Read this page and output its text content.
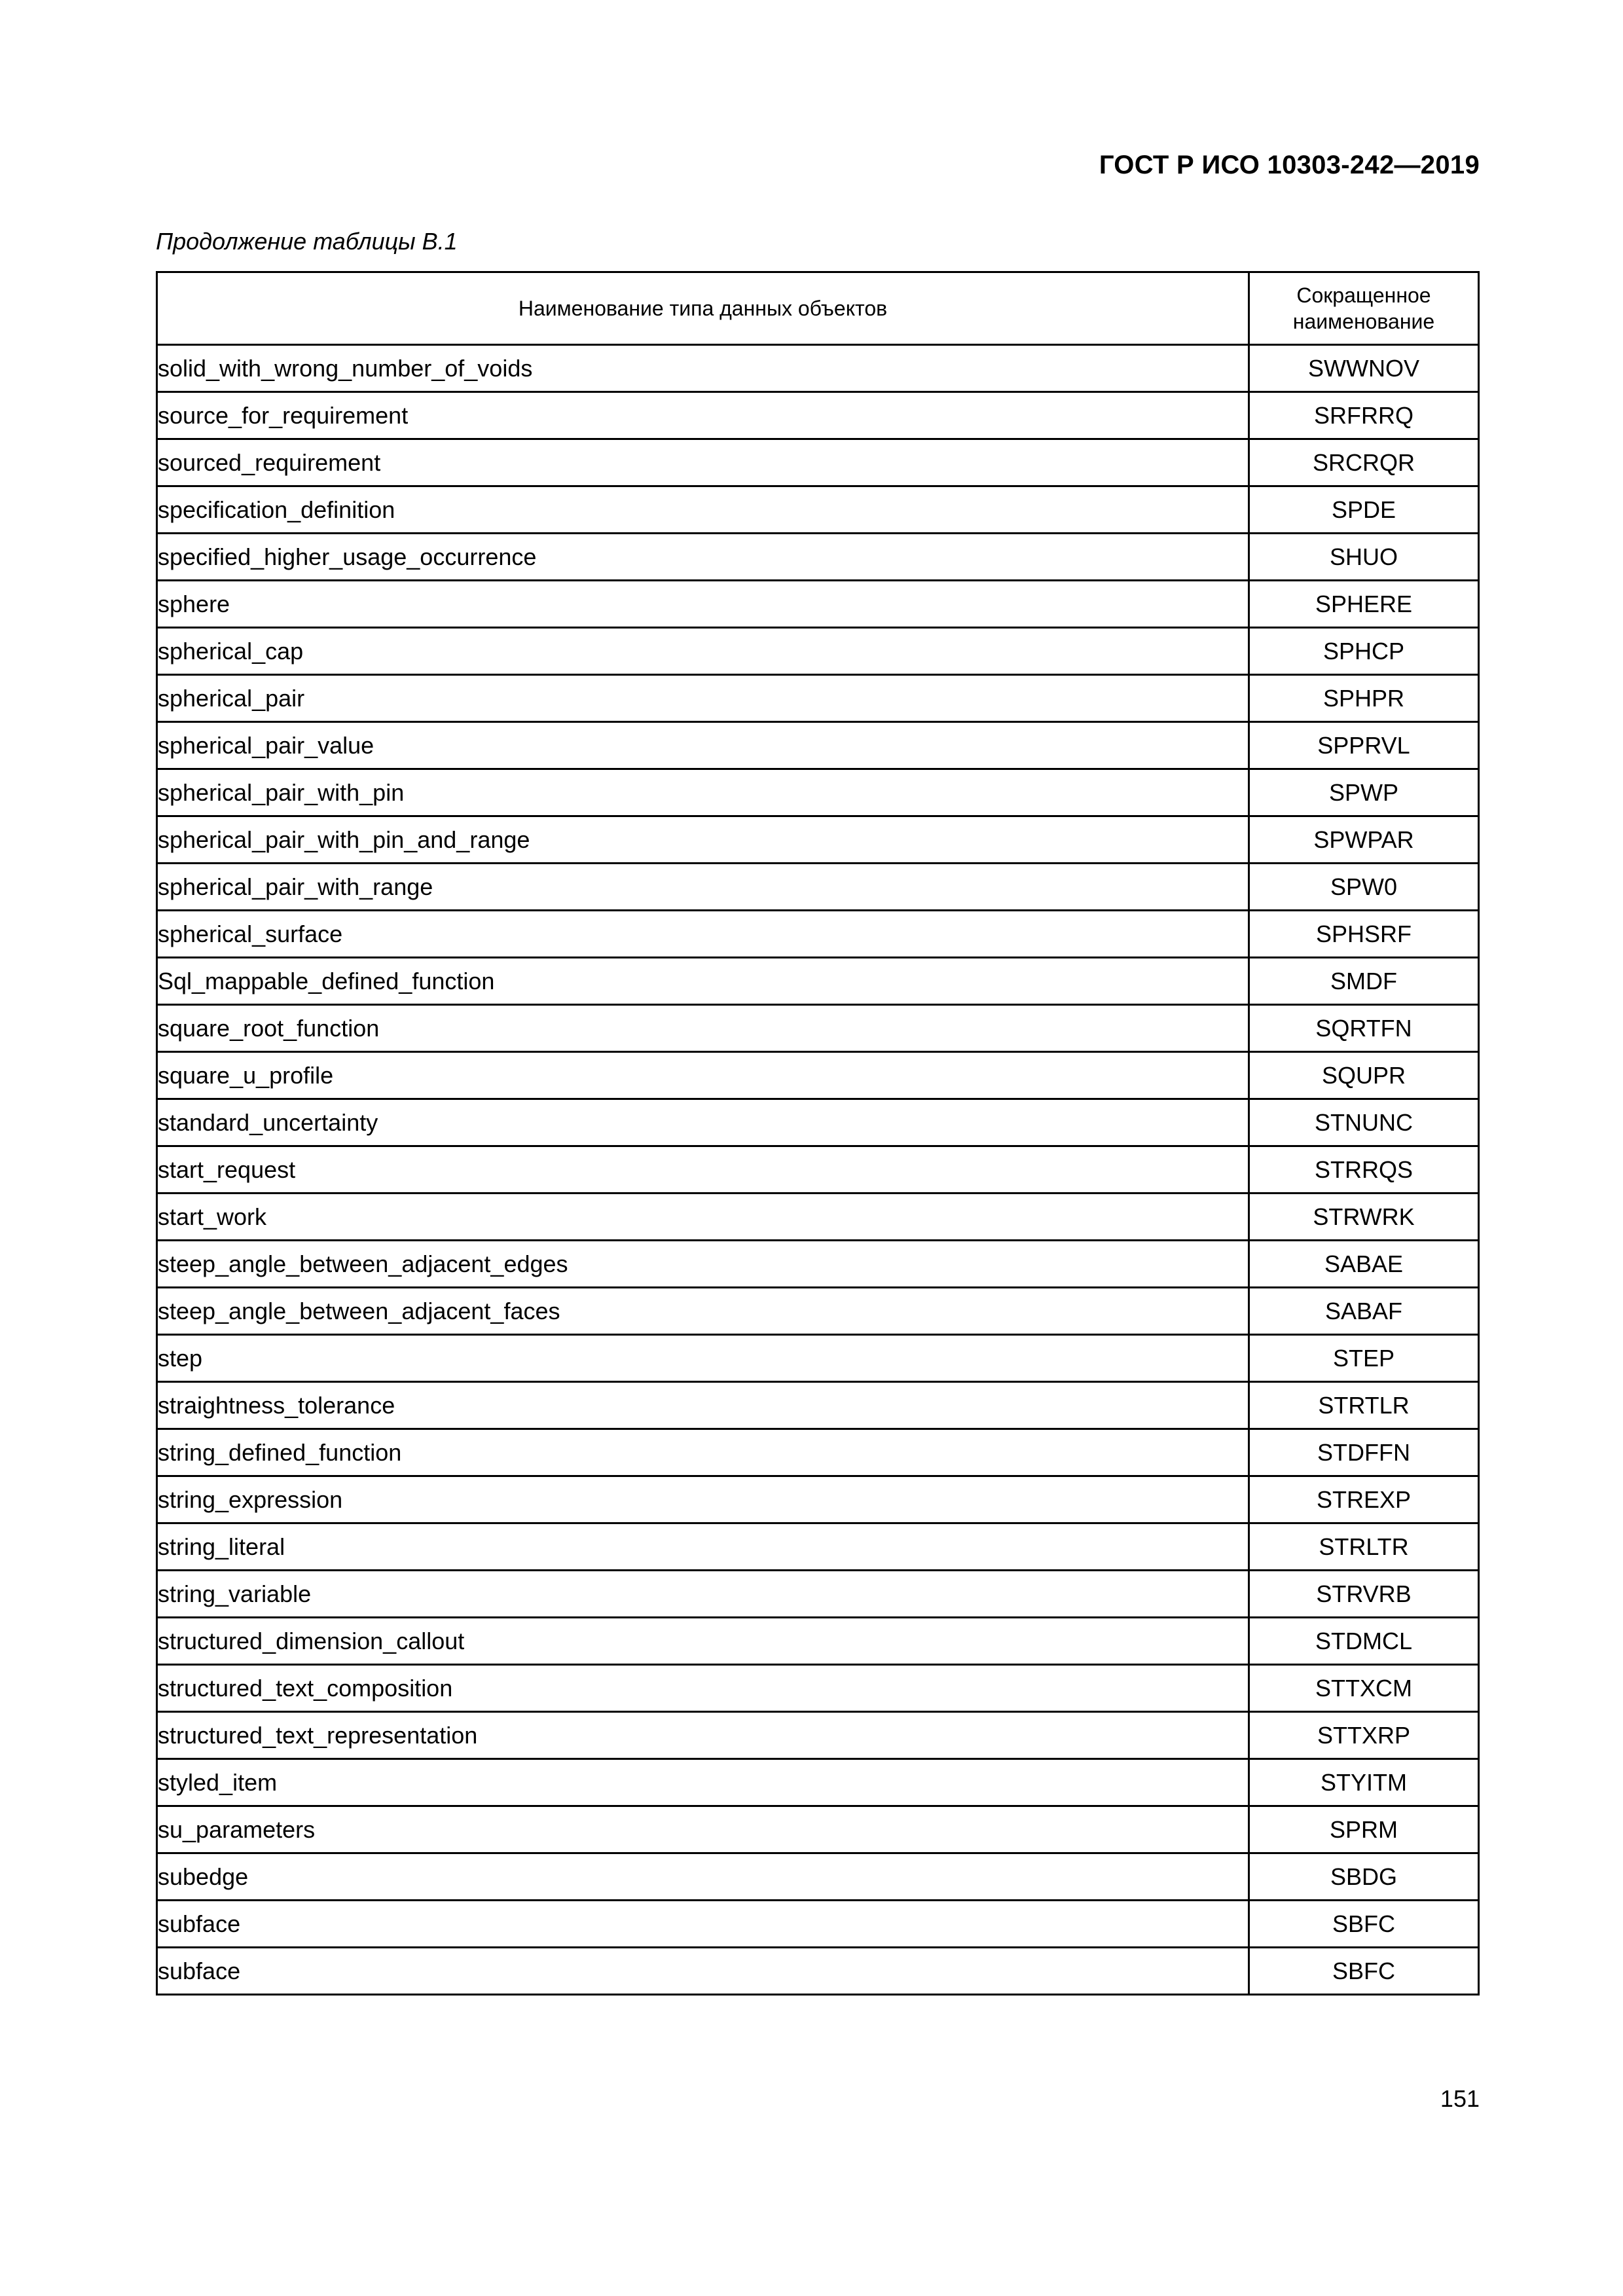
ГОСТ Р ИСО 10303-242—2019
Продолжение таблицы В.1
Наименование типа данных объектов	Сокращенное
наименование
solid_with_wrong_number_of_voids	SWWNOV
source_for_requirement	SRFRRQ
sourced_requirement	SRCRQR
specification_definition	SPDE
specified_higher_usage_occurrence	SHUO
sphere	SPHERE
spherical_cap	SPHCP
spherical_pair	SPHPR
spherical_pair_value	SPPRVL
spherical_pair_with_pin	SPWP
spherical_pair_with_pin_and_range	SPWPAR
spherical_pair_with_range	SPW0
spherical_surface	SPHSRF
Sql_mappable_defined_function	SMDF
square_root_function	SQRTFN
square_u_profile	SQUPR
standard_uncertainty	STNUNC
start_request	STRRQS
start_work	STRWRK
steep_angle_between_adjacent_edges	SABAE
steep_angle_between_adjacent_faces	SABAF
step	STEP
straightness_tolerance	STRTLR
string_defined_function	STDFFN
string_expression	STREXP
string_literal	STRLTR
string_variable	STRVRB
structured_dimension_callout	STDMCL
structured_text_composition	STTXCM
structured_text_representation	STTXRP
styled_item	STYITM
su_parameters	SPRM
subedge	SBDG
subface	SBFC
subface	SBFC
151
